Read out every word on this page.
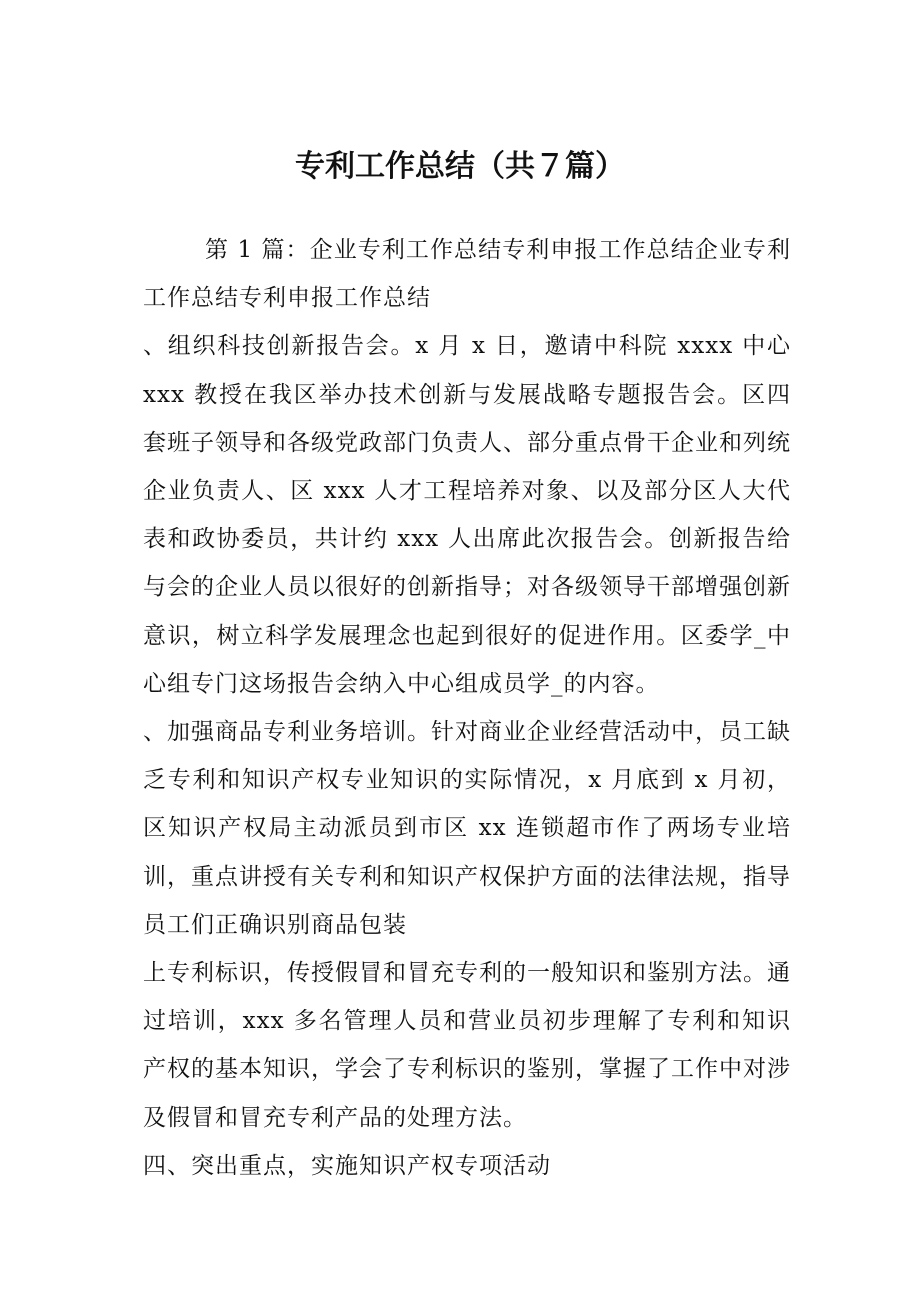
专利工作总结（共７篇）

第 1 篇：企业专利工作总结专利申报工作总结企业专利工作总结专利申报工作总结

、组织科技创新报告会。x 月 x 日，邀请中科院 xxxx 中心 xxx 教授在我区举办技术创新与发展战略专题报告会。区四套班子领导和各级党政部门负责人、部分重点骨干企业和列统企业负责人、区 xxx 人才工程培养对象、以及部分区人大代表和政协委员，共计约 xxx 人出席此次报告会。创新报告给与会的企业人员以很好的创新指导；对各级领导干部增强创新意识，树立科学发展理念也起到很好的促进作用。区委学_中心组专门这场报告会纳入中心组成员学_的内容。

、加强商品专利业务培训。针对商业企业经营活动中，员工缺乏专利和知识产权专业知识的实际情况，x 月底到 x 月初，区知识产权局主动派员到市区 xx 连锁超市作了两场专业培训，重点讲授有关专利和知识产权保护方面的法律法规，指导员工们正确识别商品包装

上专利标识，传授假冒和冒充专利的一般知识和鉴别方法。通过培训，xxx 多名管理人员和营业员初步理解了专利和知识产权的基本知识，学会了专利标识的鉴别，掌握了工作中对涉及假冒和冒充专利产品的处理方法。

四、突出重点，实施知识产权专项活动
